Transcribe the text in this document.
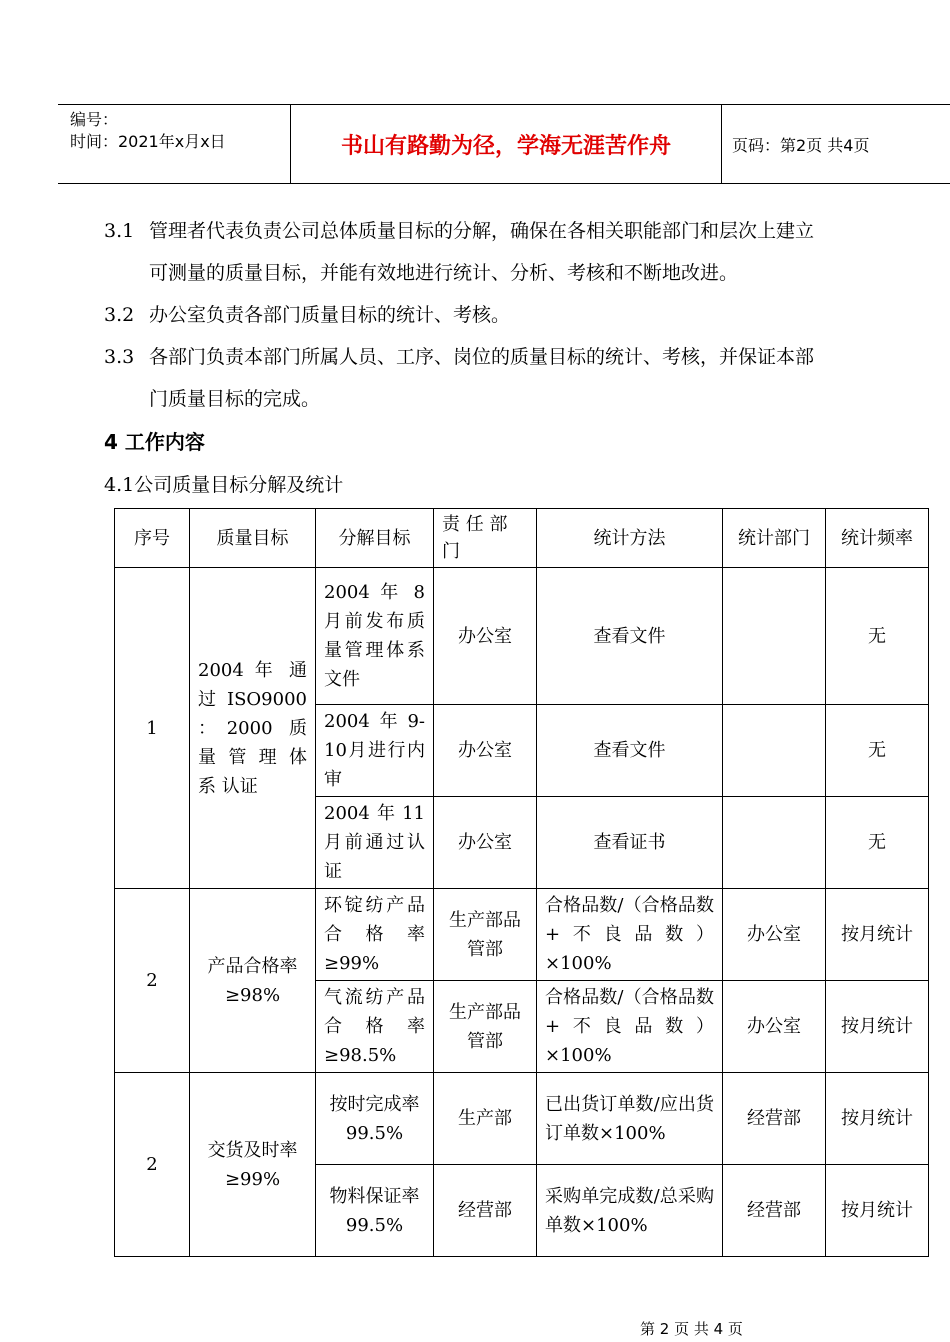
编号：
时间：2021年x月x日	书山有路勤为径，学海无涯苦作舟	页码：第2页 共4页
3.1 管理者代表负责公司总体质量目标的分解，确保在各相关职能部门和层次上建立
可测量的质量目标，并能有效地进行统计、分析、考核和不断地改进。
3.2 办公室负责各部门质量目标的统计、考核。
3.3 各部门负责本部门所属人员、工序、岗位的质量目标的统计、考核，并保证本部
门质量目标的完成。
4 工作内容
4.1公司质量目标分解及统计
序号	质量目标	分解目标	责 任 部 门	统计方法	统计部门	统计频率
1	2004 年 通过 ISO9000 ：2000 质 量 管 理 体 系 认证	2004 年 8 月前发布质量管理体系文件	办公室	查看文件		无
		2004年9-10月进行内审	办公室	查看文件		无
		2004年11月前通过认证	办公室	查看证书		无
2	产品合格率≥98%	环锭纺产品合格率≥99%	生产部品管部	合格品数/（合格品数+不良品数）×100%	办公室	按月统计
		气流纺产品合格率≥98.5%	生产部品管部	合格品数/（合格品数+不良品数）×100%	办公室	按月统计
2	交货及时率≥99%	按时完成率99.5%	生产部	已出货订单数/应出货订单数×100%	经营部	按月统计
		物料保证率99.5%	经营部	采购单完成数/总采购单数×100%	经营部	按月统计
第 2 页 共 4 页
